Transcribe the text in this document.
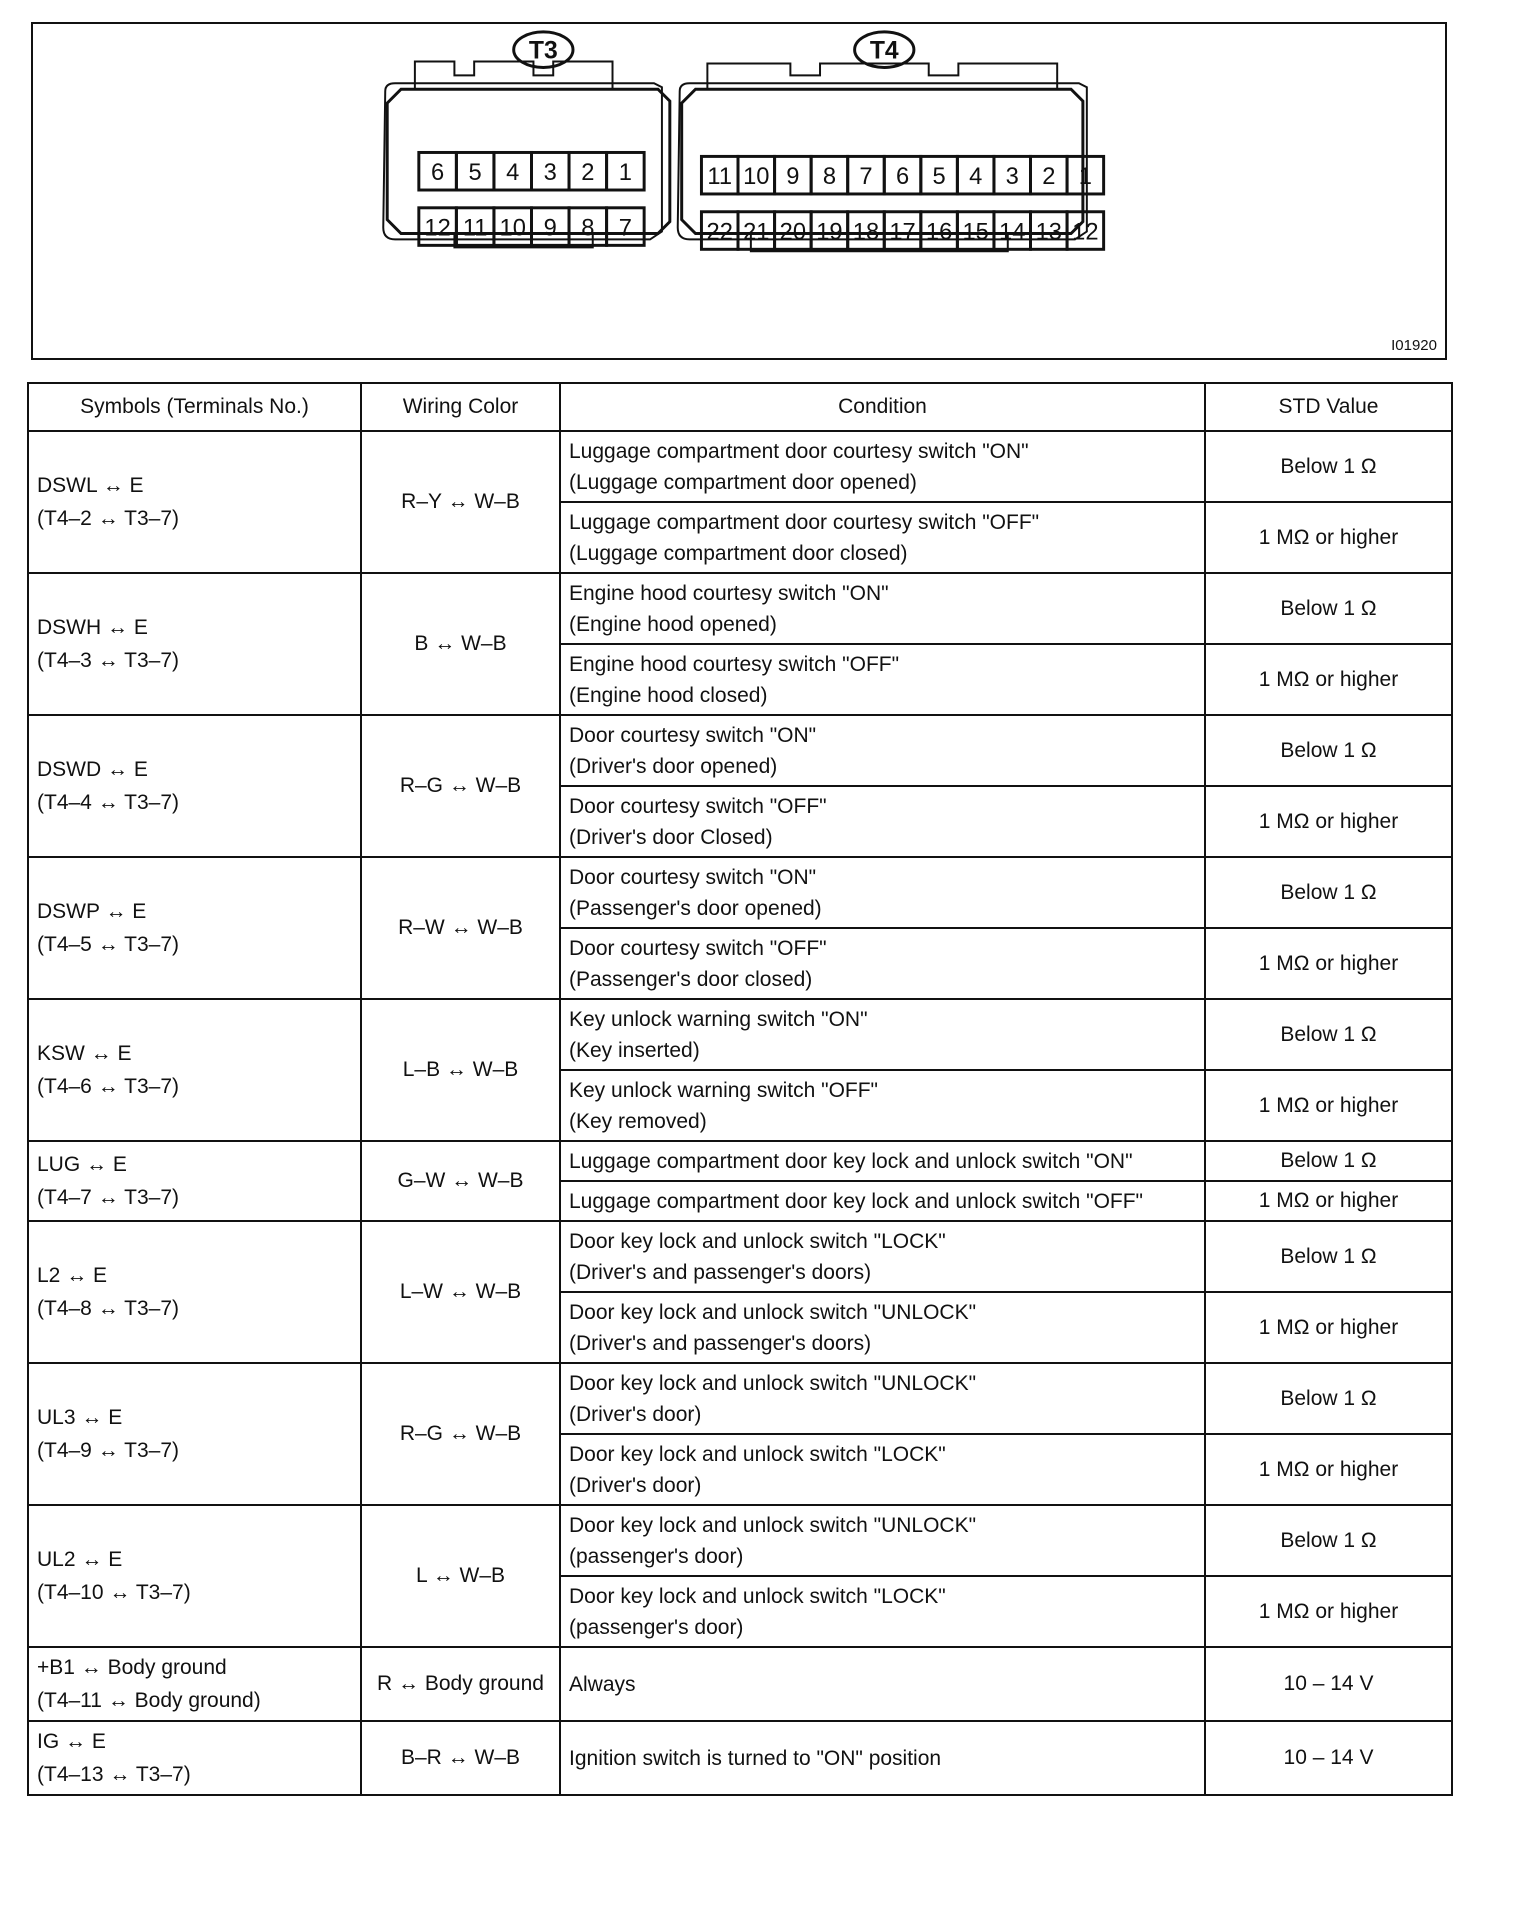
T3
6 5 4 3 2 1
12 11 10 9 8 7
T4
11 10 9 8 7 6 5 4 3 2 1
22 21 20 19 18 17 16 15 14 13 12
I01920
Symbols (Terminals No.)	Wiring Color	Condition	STD Value

DSWL ↔ E
(T4–2 ↔ T3–7)	R–Y ↔ W–B	Luggage compartment door courtesy switch "ON"
(Luggage compartment door opened)	Below 1 Ω

		Luggage compartment door courtesy switch "OFF"
(Luggage compartment door closed)	1 MΩ or higher

DSWH ↔ E
(T4–3 ↔ T3–7)	B ↔ W–B	Engine hood courtesy switch "ON"
(Engine hood opened)	Below 1 Ω

		Engine hood courtesy switch "OFF"
(Engine hood closed)	1 MΩ or higher

DSWD ↔ E
(T4–4 ↔ T3–7)	R–G ↔ W–B	Door courtesy switch "ON"
(Driver's door opened)	Below 1 Ω

		Door courtesy switch "OFF"
(Driver's door Closed)	1 MΩ or higher

DSWP ↔ E
(T4–5 ↔ T3–7)	R–W ↔ W–B	Door courtesy switch "ON"
(Passenger's door opened)	Below 1 Ω

		Door courtesy switch "OFF"
(Passenger's door closed)	1 MΩ or higher

KSW ↔ E
(T4–6 ↔ T3–7)	L–B ↔ W–B	Key unlock warning switch "ON"
(Key inserted)	Below 1 Ω

		Key unlock warning switch "OFF"
(Key removed)	1 MΩ or higher

LUG ↔ E
(T4–7 ↔ T3–7)	G–W ↔ W–B	Luggage compartment door key lock and unlock switch "ON"	Below 1 Ω

		Luggage compartment door key lock and unlock switch "OFF"	1 MΩ or higher

L2 ↔ E
(T4–8 ↔ T3–7)	L–W ↔ W–B	Door key lock and unlock switch "LOCK"
(Driver's and passenger's doors)	Below 1 Ω

		Door key lock and unlock switch "UNLOCK"
(Driver's and passenger's doors)	1 MΩ or higher

UL3 ↔ E
(T4–9 ↔ T3–7)	R–G ↔ W–B	Door key lock and unlock switch "UNLOCK"
(Driver's door)	Below 1 Ω

		Door key lock and unlock switch "LOCK"
(Driver's door)	1 MΩ or higher

UL2 ↔ E
(T4–10 ↔ T3–7)	L ↔ W–B	Door key lock and unlock switch "UNLOCK"
(passenger's door)	Below 1 Ω

		Door key lock and unlock switch "LOCK"
(passenger's door)	1 MΩ or higher

+B1 ↔ Body ground
(T4–11 ↔ Body ground)	R ↔ Body ground	Always	10 – 14 V

IG ↔ E
(T4–13 ↔ T3–7)	B–R ↔ W–B	Ignition switch is turned to "ON" position	10 – 14 V
